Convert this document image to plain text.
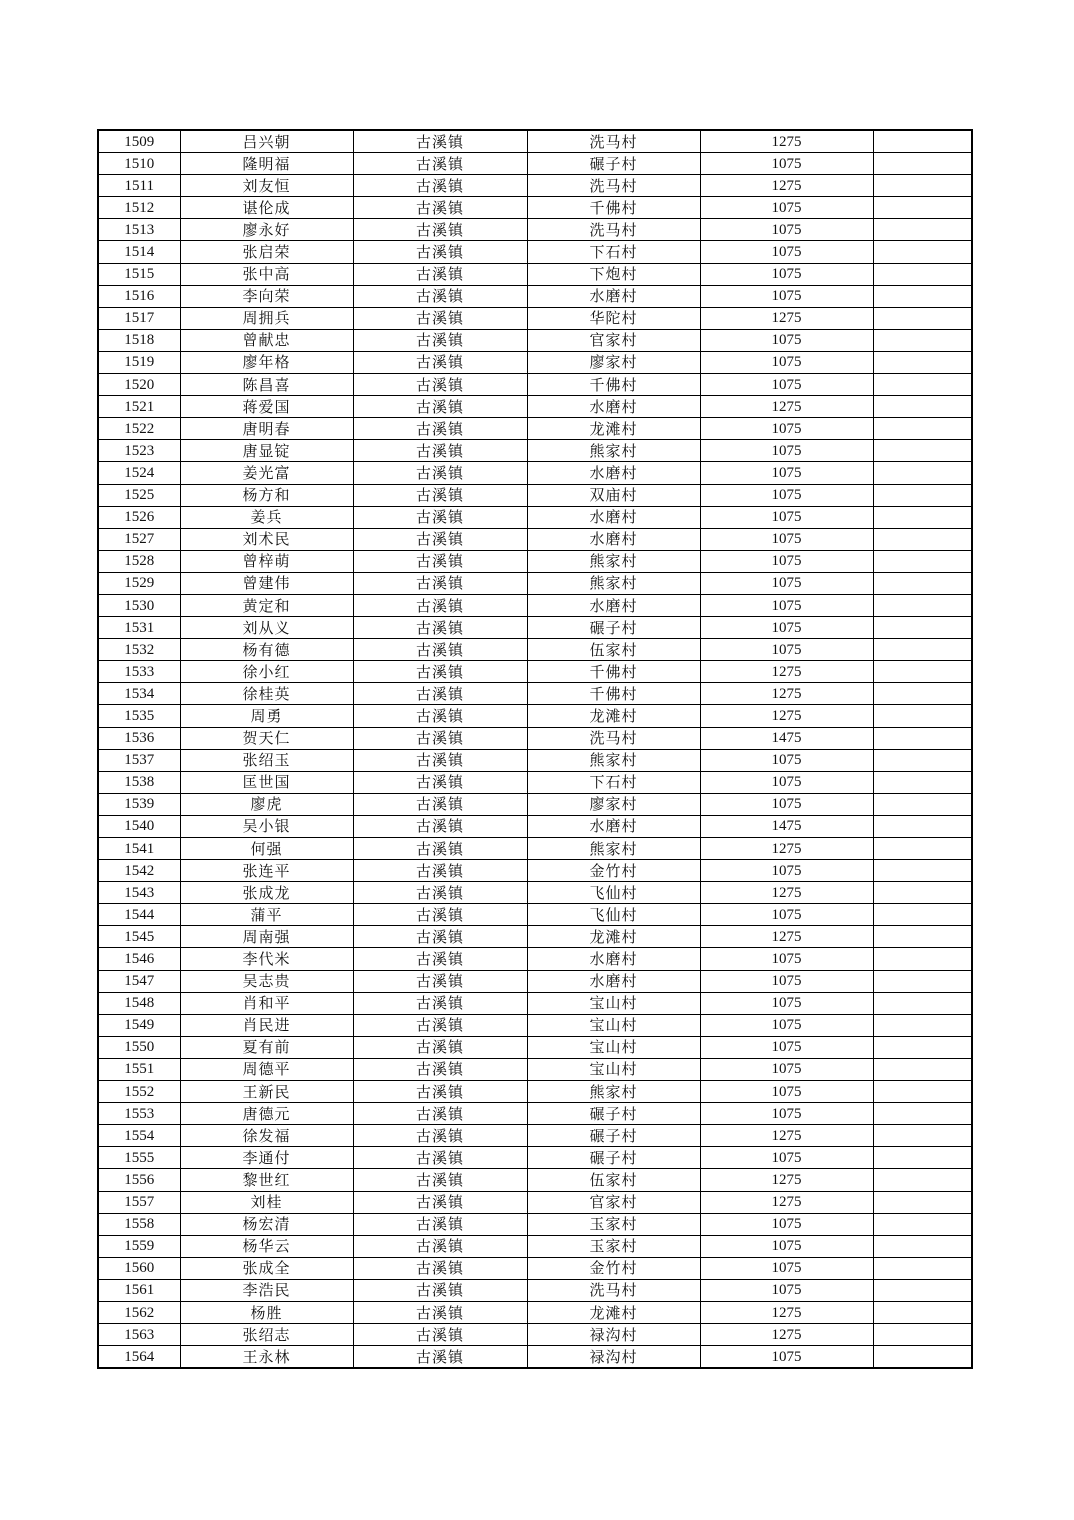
1509	吕兴朝	古溪镇	洗马村	1275	
1510	隆明福	古溪镇	碾子村	1075	
1511	刘友恒	古溪镇	洗马村	1275	
1512	谌伦成	古溪镇	千佛村	1075	
1513	廖永好	古溪镇	洗马村	1075	
1514	张启荣	古溪镇	下石村	1075	
1515	张中高	古溪镇	下炮村	1075	
1516	李向荣	古溪镇	水磨村	1075	
1517	周拥兵	古溪镇	华陀村	1275	
1518	曾献忠	古溪镇	官家村	1075	
1519	廖年格	古溪镇	廖家村	1075	
1520	陈昌喜	古溪镇	千佛村	1075	
1521	蒋爱国	古溪镇	水磨村	1275	
1522	唐明春	古溪镇	龙滩村	1075	
1523	唐显锭	古溪镇	熊家村	1075	
1524	姜光富	古溪镇	水磨村	1075	
1525	杨方和	古溪镇	双庙村	1075	
1526	姜兵	古溪镇	水磨村	1075	
1527	刘术民	古溪镇	水磨村	1075	
1528	曾梓萌	古溪镇	熊家村	1075	
1529	曾建伟	古溪镇	熊家村	1075	
1530	黄定和	古溪镇	水磨村	1075	
1531	刘从义	古溪镇	碾子村	1075	
1532	杨有德	古溪镇	伍家村	1075	
1533	徐小红	古溪镇	千佛村	1275	
1534	徐桂英	古溪镇	千佛村	1275	
1535	周勇	古溪镇	龙滩村	1275	
1536	贺天仁	古溪镇	洗马村	1475	
1537	张绍玉	古溪镇	熊家村	1075	
1538	匡世国	古溪镇	下石村	1075	
1539	廖虎	古溪镇	廖家村	1075	
1540	吴小银	古溪镇	水磨村	1475	
1541	何强	古溪镇	熊家村	1275	
1542	张连平	古溪镇	金竹村	1075	
1543	张成龙	古溪镇	飞仙村	1275	
1544	蒲平	古溪镇	飞仙村	1075	
1545	周南强	古溪镇	龙滩村	1275	
1546	李代米	古溪镇	水磨村	1075	
1547	吴志贵	古溪镇	水磨村	1075	
1548	肖和平	古溪镇	宝山村	1075	
1549	肖民进	古溪镇	宝山村	1075	
1550	夏有前	古溪镇	宝山村	1075	
1551	周德平	古溪镇	宝山村	1075	
1552	王新民	古溪镇	熊家村	1075	
1553	唐德元	古溪镇	碾子村	1075	
1554	徐发福	古溪镇	碾子村	1275	
1555	李通付	古溪镇	碾子村	1075	
1556	黎世红	古溪镇	伍家村	1275	
1557	刘桂	古溪镇	官家村	1275	
1558	杨宏清	古溪镇	玉家村	1075	
1559	杨华云	古溪镇	玉家村	1075	
1560	张成全	古溪镇	金竹村	1075	
1561	李浩民	古溪镇	洗马村	1075	
1562	杨胜	古溪镇	龙滩村	1275	
1563	张绍志	古溪镇	禄沟村	1275	
1564	王永林	古溪镇	禄沟村	1075	
